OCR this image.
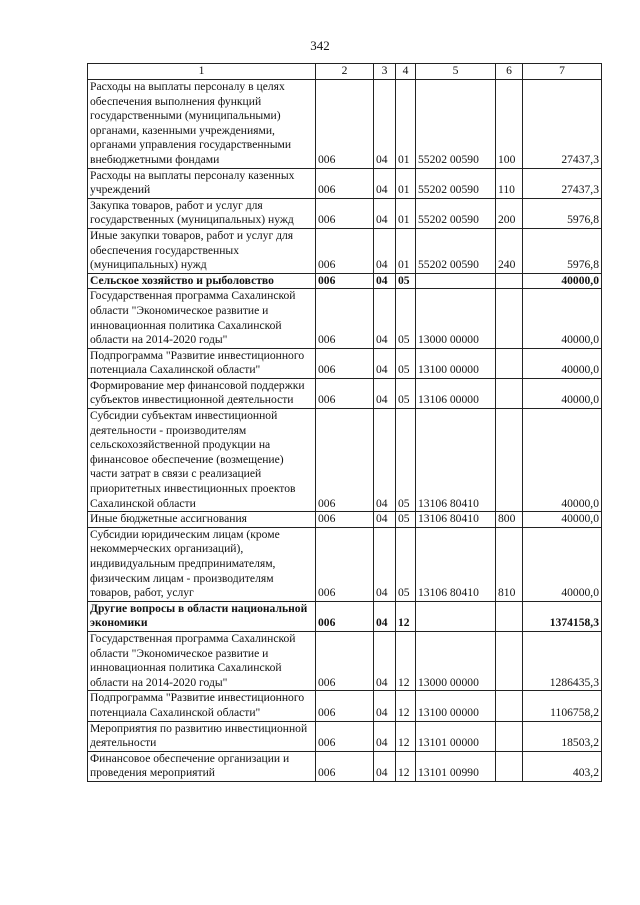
342
1	2	3	4	5	6	7
Расходы на выплаты персоналу в целях обеспечения выполнения функций государственными (муниципальными) органами, казенными учреждениями, органами управления государственными внебюджетными фондами	006	04	01	55202 00590	100	27437,3
Расходы на выплаты персоналу казенных учреждений	006	04	01	55202 00590	110	27437,3
Закупка товаров, работ и услуг для государственных (муниципальных) нужд	006	04	01	55202 00590	200	5976,8
Иные закупки товаров, работ и услуг для обеспечения государственных (муниципальных) нужд	006	04	01	55202 00590	240	5976,8
Сельское хозяйство и рыболовство	006	04	05			40000,0
Государственная программа Сахалинской области "Экономическое развитие и инновационная политика Сахалинской области на 2014-2020 годы"	006	04	05	13000 00000		40000,0
Подпрограмма "Развитие инвестиционного потенциала Сахалинской области"	006	04	05	13100 00000		40000,0
Формирование мер финансовой поддержки субъектов инвестиционной деятельности	006	04	05	13106 00000		40000,0
Субсидии субъектам инвестиционной деятельности - производителям сельскохозяйственной продукции на финансовое обеспечение (возмещение) части затрат в связи с реализацией приоритетных инвестиционных проектов Сахалинской области	006	04	05	13106 80410		40000,0
Иные бюджетные ассигнования	006	04	05	13106 80410	800	40000,0
Субсидии юридическим лицам (кроме некоммерческих организаций), индивидуальным предпринимателям, физическим лицам - производителям товаров, работ, услуг	006	04	05	13106 80410	810	40000,0
Другие вопросы в области национальной экономики	006	04	12			1374158,3
Государственная программа Сахалинской области "Экономическое развитие и инновационная политика Сахалинской области на 2014-2020 годы"	006	04	12	13000 00000		1286435,3
Подпрограмма "Развитие инвестиционного потенциала Сахалинской области"	006	04	12	13100 00000		1106758,2
Мероприятия по развитию инвестиционной деятельности	006	04	12	13101 00000		18503,2
Финансовое обеспечение организации и проведения мероприятий	006	04	12	13101 00990		403,2
